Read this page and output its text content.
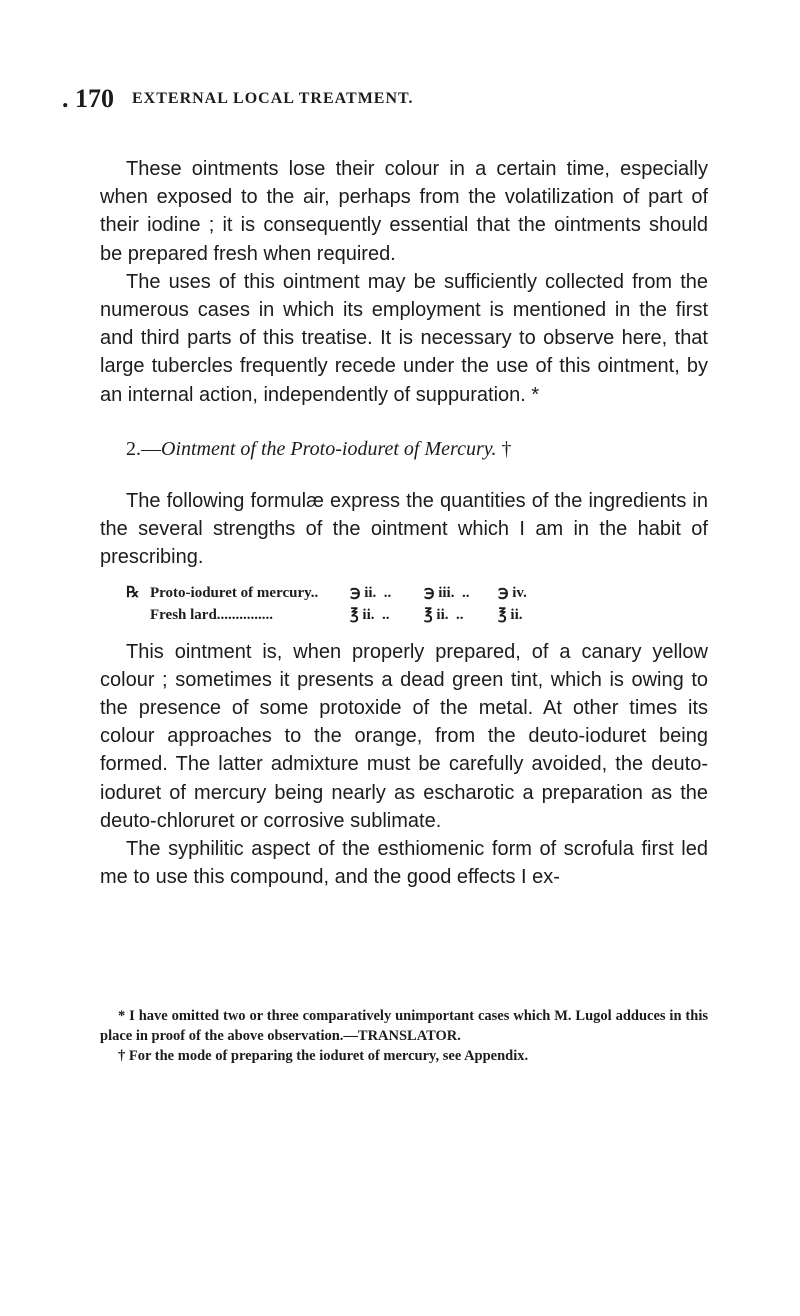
. 170 EXTERNAL LOCAL TREATMENT.

These ointments lose their colour in a certain time, especially when exposed to the air, perhaps from the volatilization of part of their iodine ; it is consequently essential that the ointments should be prepared fresh when required.

The uses of this ointment may be sufficiently collected from the numerous cases in which its employment is mentioned in the first and third parts of this treatise. It is necessary to observe here, that large tubercles frequently recede under the use of this ointment, by an internal action, independently of suppuration. *

2.—Ointment of the Proto-ioduret of Mercury. †

The following formulæ express the quantities of the ingredients in the several strengths of the ointment which I am in the habit of prescribing.

℞ Proto-ioduret of mercury..	℈ ii.  ..	℈ iii.  ..	℈ iv.
Fresh lard...............	℥ ii.  ..	℥ ii.  ..	℥ ii.

This ointment is, when properly prepared, of a canary yellow colour ; sometimes it presents a dead green tint, which is owing to the presence of some protoxide of the metal. At other times its colour approaches to the orange, from the deuto-ioduret being formed. The latter admixture must be carefully avoided, the deuto-ioduret of mercury being nearly as escharotic a preparation as the deuto-chloruret or corrosive sublimate.

The syphilitic aspect of the esthiomenic form of scrofula first led me to use this compound, and the good effects I ex-

* I have omitted two or three comparatively unimportant cases which M. Lugol adduces in this place in proof of the above observation.—TRANSLATOR.

† For the mode of preparing the ioduret of mercury, see Appendix.
